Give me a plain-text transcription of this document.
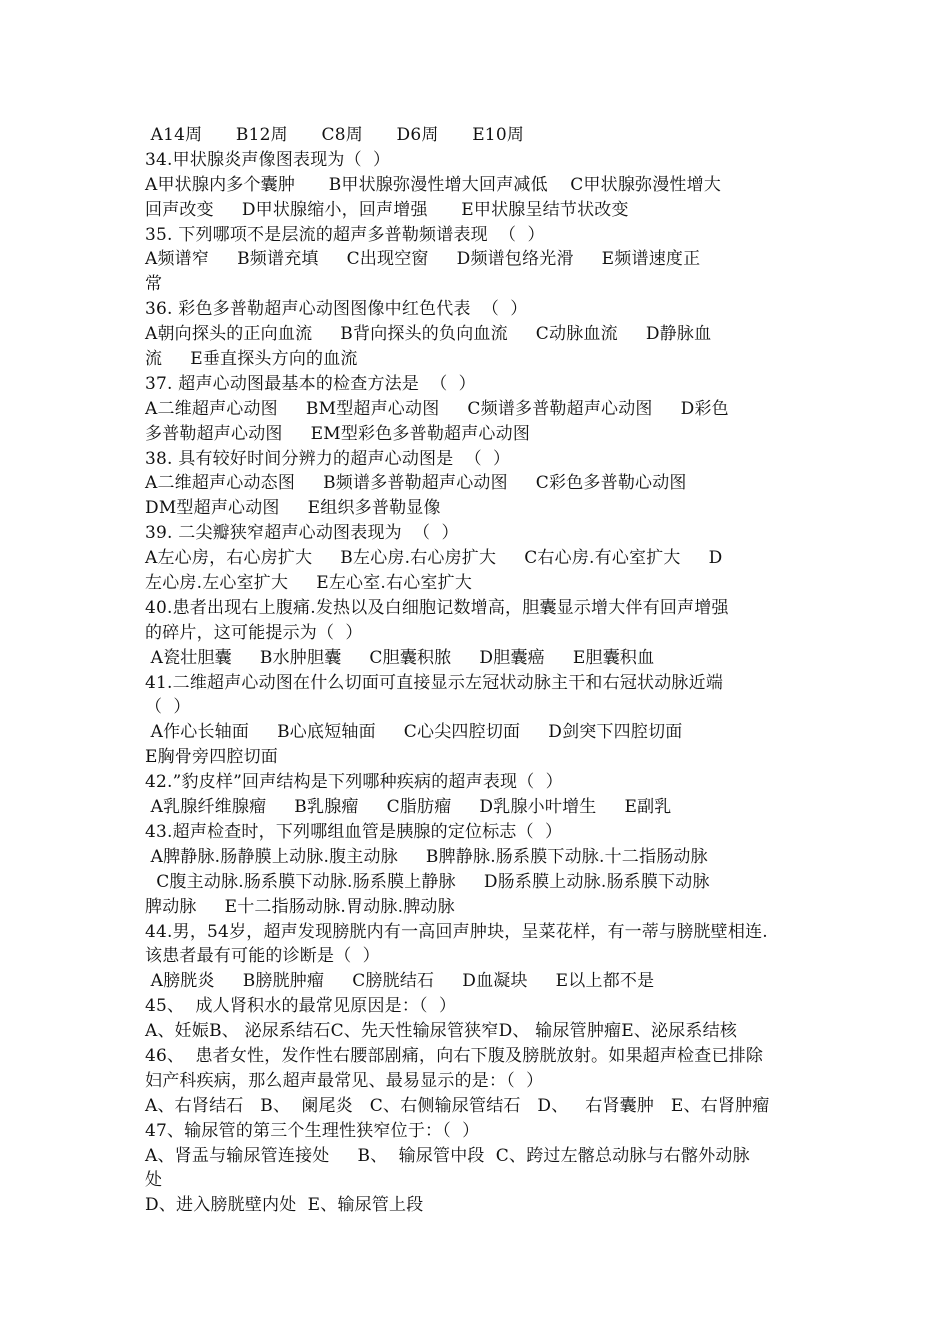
A14周      B12周      C8周      D6周      E10周
34.甲状腺炎声像图表现为（  ）
A甲状腺内多个囊肿      B甲状腺弥漫性增大回声减低    C甲状腺弥漫性增大
回声改变     D甲状腺缩小，回声增强      E甲状腺呈结节状改变
35. 下列哪项不是层流的超声多普勒频谱表现  （  ）
A频谱窄     B频谱充填     C出现空窗     D频谱包络光滑     E频谱速度正
常
36. 彩色多普勒超声心动图图像中红色代表  （  ）
A朝向探头的正向血流     B背向探头的负向血流     C动脉血流     D静脉血
流     E垂直探头方向的血流
37. 超声心动图最基本的检查方法是  （  ）
A二维超声心动图     BM型超声心动图     C频谱多普勒超声心动图     D彩色
多普勒超声心动图     EM型彩色多普勒超声心动图
38. 具有较好时间分辨力的超声心动图是  （  ）
A二维超声心动态图     B频谱多普勒超声心动图     C彩色多普勒心动图
DM型超声心动图     E组织多普勒显像
39. 二尖瓣狭窄超声心动图表现为  （  ）
A左心房，右心房扩大     B左心房.右心房扩大     C右心房.有心室扩大     D
左心房.左心室扩大     E左心室.右心室扩大
40.患者出现右上腹痛.发热以及白细胞记数增高，胆囊显示增大伴有回声增强
的碎片，这可能提示为（  ）
A瓷壮胆囊     B水肿胆囊     C胆囊积脓     D胆囊癌     E胆囊积血
41.二维超声心动图在什么切面可直接显示左冠状动脉主干和右冠状动脉近端
（  ）
A作心长轴面     B心底短轴面     C心尖四腔切面     D剑突下四腔切面
E胸骨旁四腔切面
42.”豹皮样”回声结构是下列哪种疾病的超声表现（  ）
A乳腺纤维腺瘤     B乳腺瘤     C脂肪瘤     D乳腺小叶增生     E副乳
43.超声检查时，下列哪组血管是胰腺的定位标志（  ）
A脾静脉.肠静膜上动脉.腹主动脉     B脾静脉.肠系膜下动脉.十二指肠动脉
C腹主动脉.肠系膜下动脉.肠系膜上静脉     D肠系膜上动脉.肠系膜下动脉
脾动脉     E十二指肠动脉.胃动脉.脾动脉
44.男，54岁，超声发现膀胱内有一高回声肿块，呈菜花样，有一蒂与膀胱壁相连.
该患者最有可能的诊断是（  ）
A膀胱炎     B膀胱肿瘤     C膀胱结石     D血凝块     E以上都不是
45、  成人肾积水的最常见原因是：（  ）
A、妊娠B、 泌尿系结石C、先天性输尿管狭窄D、 输尿管肿瘤E、泌尿系结核
46、  患者女性，发作性右腰部剧痛，向右下腹及膀胱放射。如果超声检查已排除
妇产科疾病，那么超声最常见、最易显示的是：（  ）
A、右肾结石   B、  阑尾炎   C、右侧输尿管结石   D、   右肾囊肿   E、右肾肿瘤
47、输尿管的第三个生理性狭窄位于：（  ）
A、肾盂与输尿管连接处     B、  输尿管中段  C、跨过左髂总动脉与右髂外动脉
处
D、进入膀胱壁内处  E、输尿管上段
